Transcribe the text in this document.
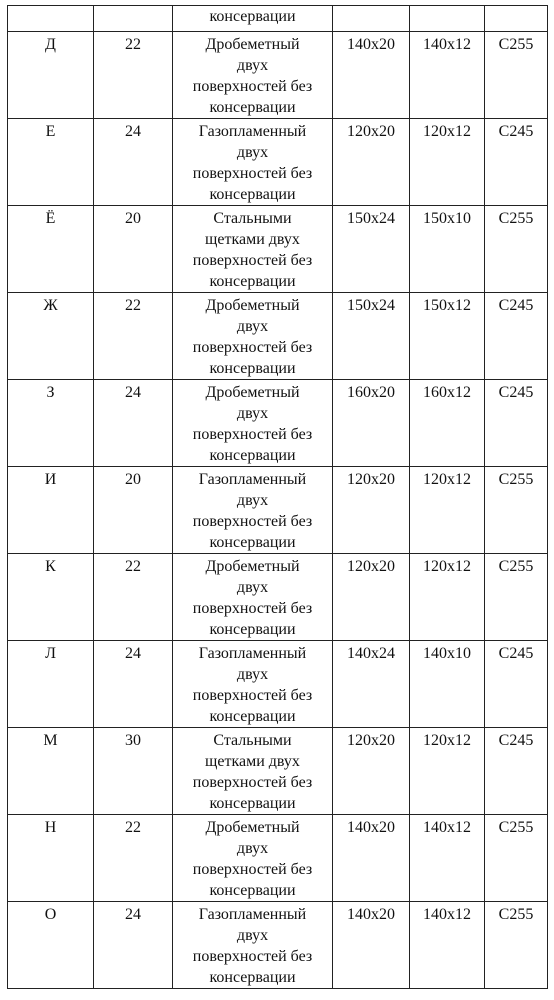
		консервации			

Д	22	Дробеметный
двух
поверхностей без
консервации	140х20	140х12	С255
Е	24	Газопламенный
двух
поверхностей без
консервации	120х20	120х12	С245
Ё	20	Стальными
щетками двух
поверхностей без
консервации	150х24	150х10	С255
Ж	22	Дробеметный
двух
поверхностей без
консервации	150х24	150х12	С245
З	24	Дробеметный
двух
поверхностей без
консервации	160х20	160х12	С245
И	20	Газопламенный
двух
поверхностей без
консервации	120х20	120х12	С255
К	22	Дробеметный
двух
поверхностей без
консервации	120х20	120х12	С255
Л	24	Газопламенный
двух
поверхностей без
консервации	140х24	140х10	С245
М	30	Стальными
щетками двух
поверхностей без
консервации	120х20	120х12	С245
Н	22	Дробеметный
двух
поверхностей без
консервации	140х20	140х12	С255
О	24	Газопламенный
двух
поверхностей без
консервации	140х20	140х12	С255
